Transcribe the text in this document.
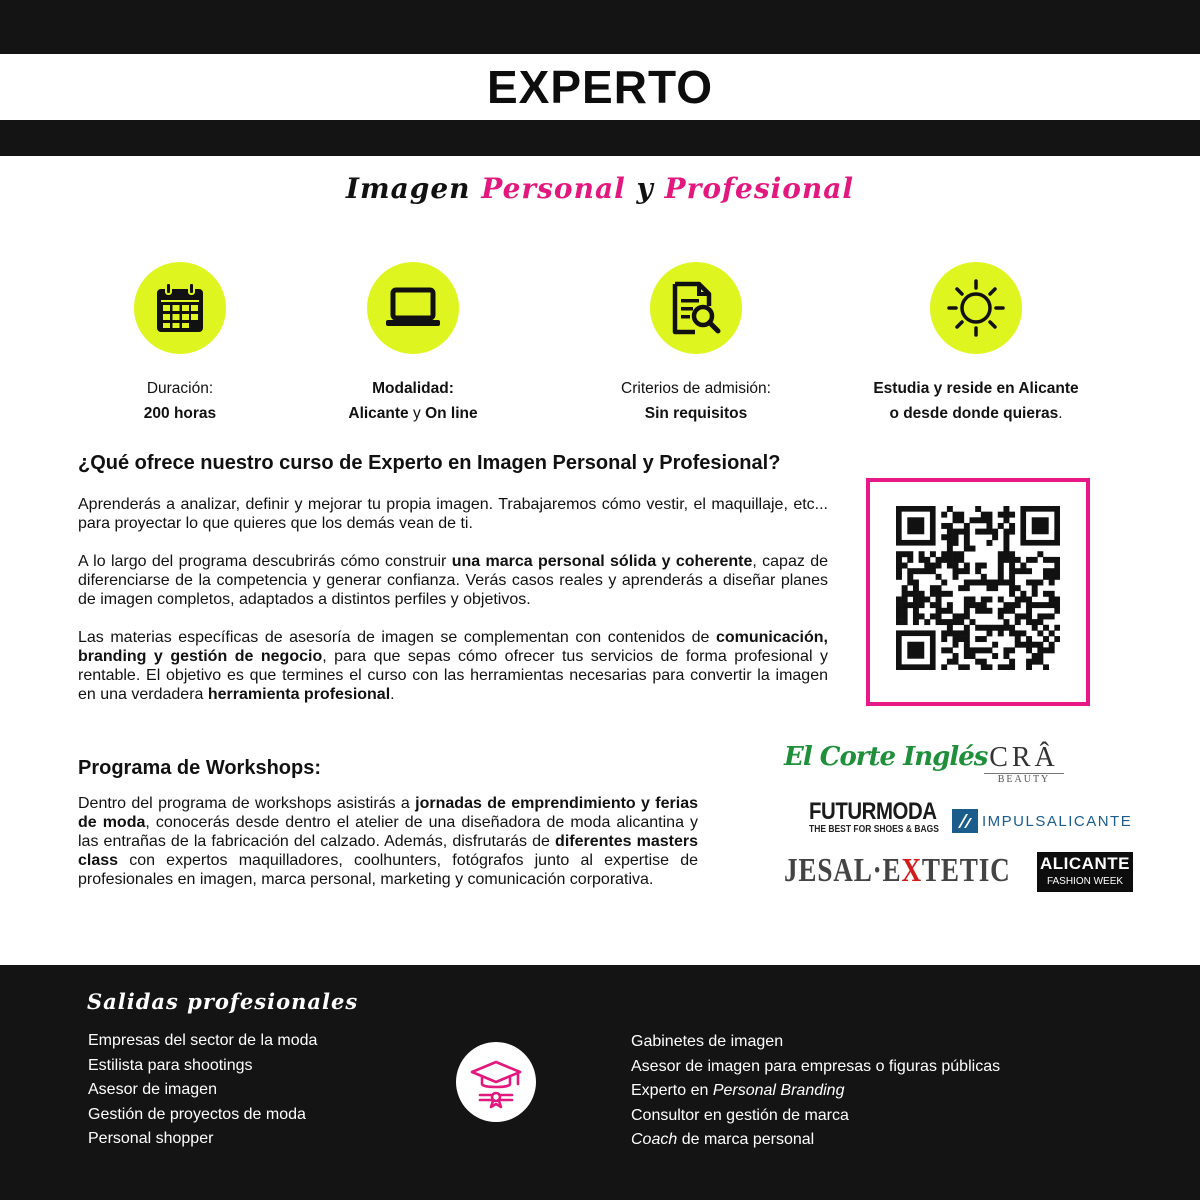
EXPERTO
Imagen Personal y Profesional
Duración:
200 horas
Modalidad:
Alicante y On line
Criterios de admisión:
Sin requisitos
Estudia y reside en Alicante
o desde donde quieras.
¿Qué ofrece nuestro curso de Experto en Imagen Personal y Profesional?

Aprenderás a analizar, definir y mejorar tu propia imagen. Trabajaremos cómo vestir, el maquillaje, etc... para proyectar lo que quieres que los demás vean de ti.

A lo largo del programa descubrirás cómo construir una marca personal sólida y coherente, capaz de diferenciarse de la competencia y generar confianza. Verás casos reales y aprenderás a diseñar planes de imagen completos, adaptados a distintos perfiles y objetivos.

Las materias específicas de asesoría de imagen se complementan con contenidos de comunicación, branding y gestión de negocio, para que sepas cómo ofrecer tus servicios de forma profesional y rentable. El objetivo es que termines el curso con las herramientas necesarias para convertir la imagen en una verdadera herramienta profesional.

Programa de Workshops:

Dentro del programa de workshops asistirás a jornadas de emprendimiento y ferias de moda, conocerás desde dentro el atelier de una diseñadora de moda alicantina y las entrañas de la fabricación del calzado. Además, disfrutarás de diferentes masters class con expertos maquilladores, coolhunters, fotógrafos junto al expertise de profesionales en imagen, marca personal, marketing y comunicación corporativa.

El Corte Inglés CRÂ
BEAUTY
FUTURMODA
THE BEST FOR SHOES & BAGS	IMPULSALICANTE
JESAL·EXTETIC ALICANTE
FASHION WEEK
Salidas profesionales
Empresas del sector de la moda
Estilista para shootings
Asesor de imagen
Gestión de proyectos de moda
Personal shopper
Gabinetes de imagen
Asesor de imagen para empresas o figuras públicas
Experto en Personal Branding
Consultor en gestión de marca
Coach de marca personal
